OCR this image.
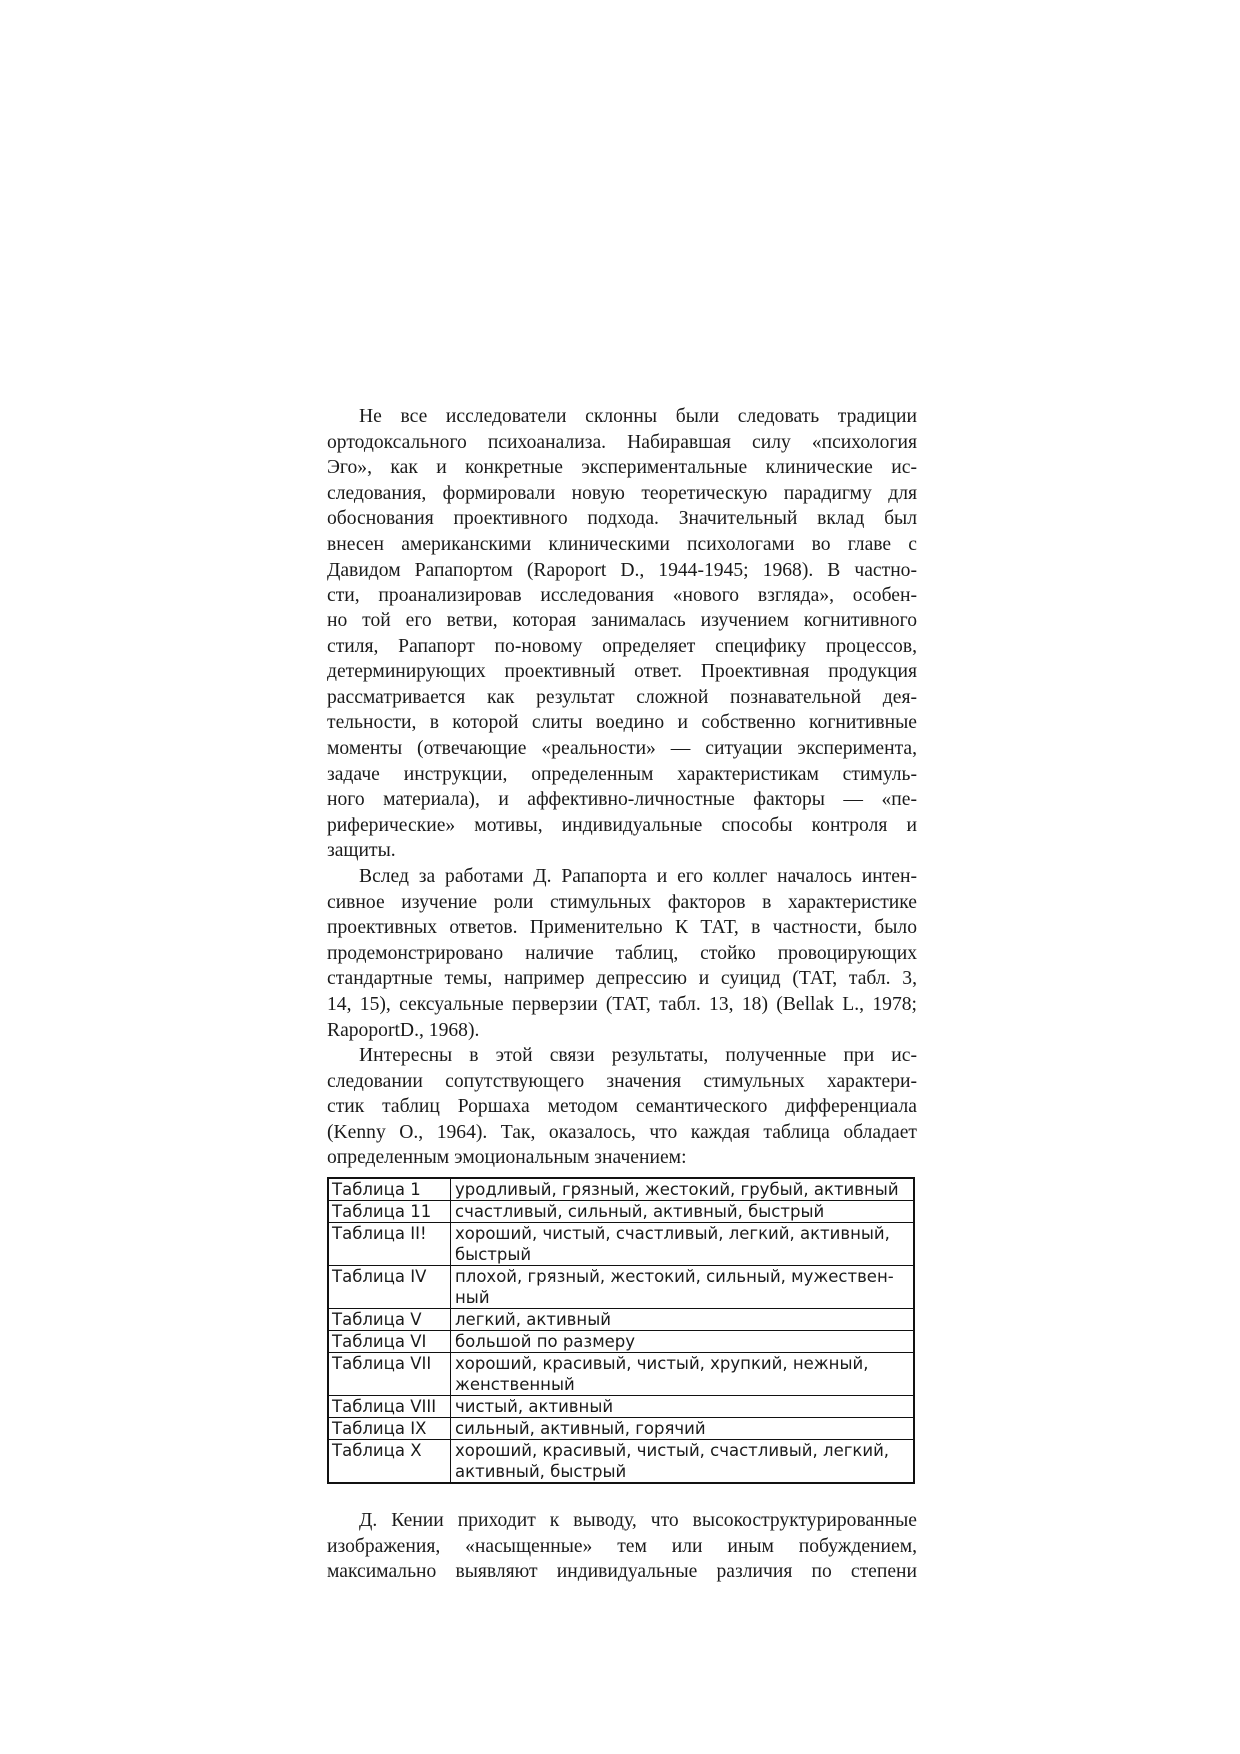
Не все исследователи склонны были следовать традиции

ортодоксального психоанализа. Набиравшая силу «психология

Эго», как и конкретные экспериментальные клинические ис-

следования, формировали новую теоретическую парадигму для

обоснования проективного подхода. Значительный вклад был

внесен американскими клиническими психологами во главе с

Давидом Рапапортом (Rapoport D., 1944-1945; 1968). В частно-

сти, проанализировав исследования «нового взгляда», особен-

но той его ветви, которая занималась изучением когнитивного

стиля, Рапапорт по-новому определяет специфику процессов,

детерминирующих проективный ответ. Проективная продукция

рассматривается как результат сложной познавательной дея-

тельности, в которой слиты воедино и собственно когнитивные

моменты (отвечающие «реальности» — ситуации эксперимента,

задаче инструкции, определенным характеристикам стимуль-

ного материала), и аффективно-личностные факторы — «пе-

риферические» мотивы, индивидуальные способы контроля и

защиты.

Вслед за работами Д. Рапапорта и его коллег началось интен-

сивное изучение роли стимульных факторов в характеристике

проективных ответов. Применительно К ТАТ, в частности, было

продемонстрировано наличие таблиц, стойко провоцирующих

стандартные темы, например депрессию и суицид (ТАТ, табл. 3,

14, 15), сексуальные перверзии (ТАТ, табл. 13, 18) (Bellak L., 1978;

RapoportD., 1968).

Интересны в этой связи результаты, полученные при ис-

следовании сопутствующего значения стимульных характери-

стик таблиц Роршаха методом семантического дифференциала

(Kenny O., 1964). Так, оказалось, что каждая таблица обладает

определенным эмоциональным значением:

Таблица 1	уродливый, грязный, жестокий, грубый, активный

Таблица 11	счастливый, сильный, активный, быстрый

Таблица II!	хороший, чистый, счастливый, легкий, активный,
быстрый

Таблица IV	плохой, грязный, жестокий, сильный, мужествен-
ный

Таблица V	легкий, активный

Таблица VI	большой по размеру

Таблица VII	хороший, красивый, чистый, хрупкий, нежный,
женственный

Таблица VIII	чистый, активный

Таблица IX	сильный, активный, горячий

Таблица X	хороший, красивый, чистый, счастливый, легкий,
активный, быстрый

Д. Кении приходит к выводу, что высокоструктурированные

изображения, «насыщенные» тем или иным побуждением,

максимально выявляют индивидуальные различия по степени
